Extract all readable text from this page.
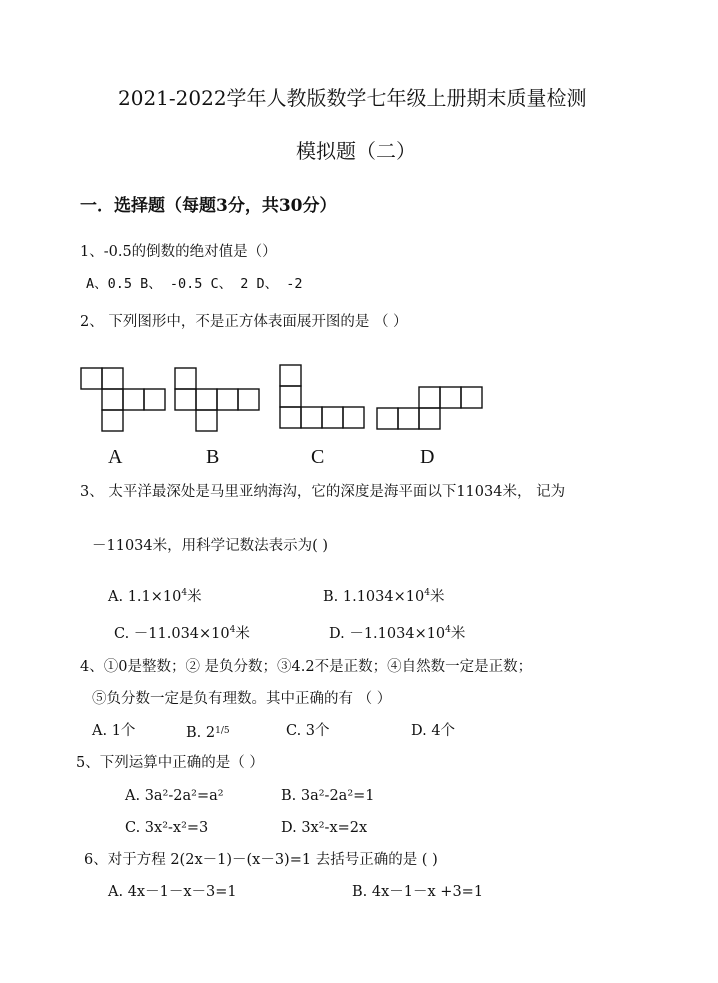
2021-2022学年人教版数学七年级上册期末质量检测
模拟题（二）
一．选择题（每题3分，共30分）
1、-0.5的倒数的绝对值是（）
A、0.5 B、 -0.5 C、 2 D、 -2
2、 下列图形中，不是正方体表面展开图的是 （ ）
A	B	C	D
3、 太平洋最深处是马里亚纳海沟，它的深度是海平面以下11034米， 记为
－11034米，用科学记数法表示为( )
A. $1.1\times 10^4$米	B. $1.1034\times 10^4$米
C. $-11.034\times 10^4$米	D. $-1.1034\times 10^4$米
4、①0是整数；② 是负分数；③4.2不是正数；④自然数一定是正数；
⑤负分数一定是负有理数。其中正确的有 （ ）
A. 1个	B. $2^{1/5}$	C. 3个	D. 4个
5、下列运算中正确的是（ ）
A. 3a²-2a²=a²	B. 3a²-2a²=1
C. 3x²-x²=3	D. 3x²-x=2x
6、对于方程 2(2x－1)－(x－3)=1 去括号正确的是 ( )
A. 4x－1－x－3=1	B. 4x－1－x +3=1
